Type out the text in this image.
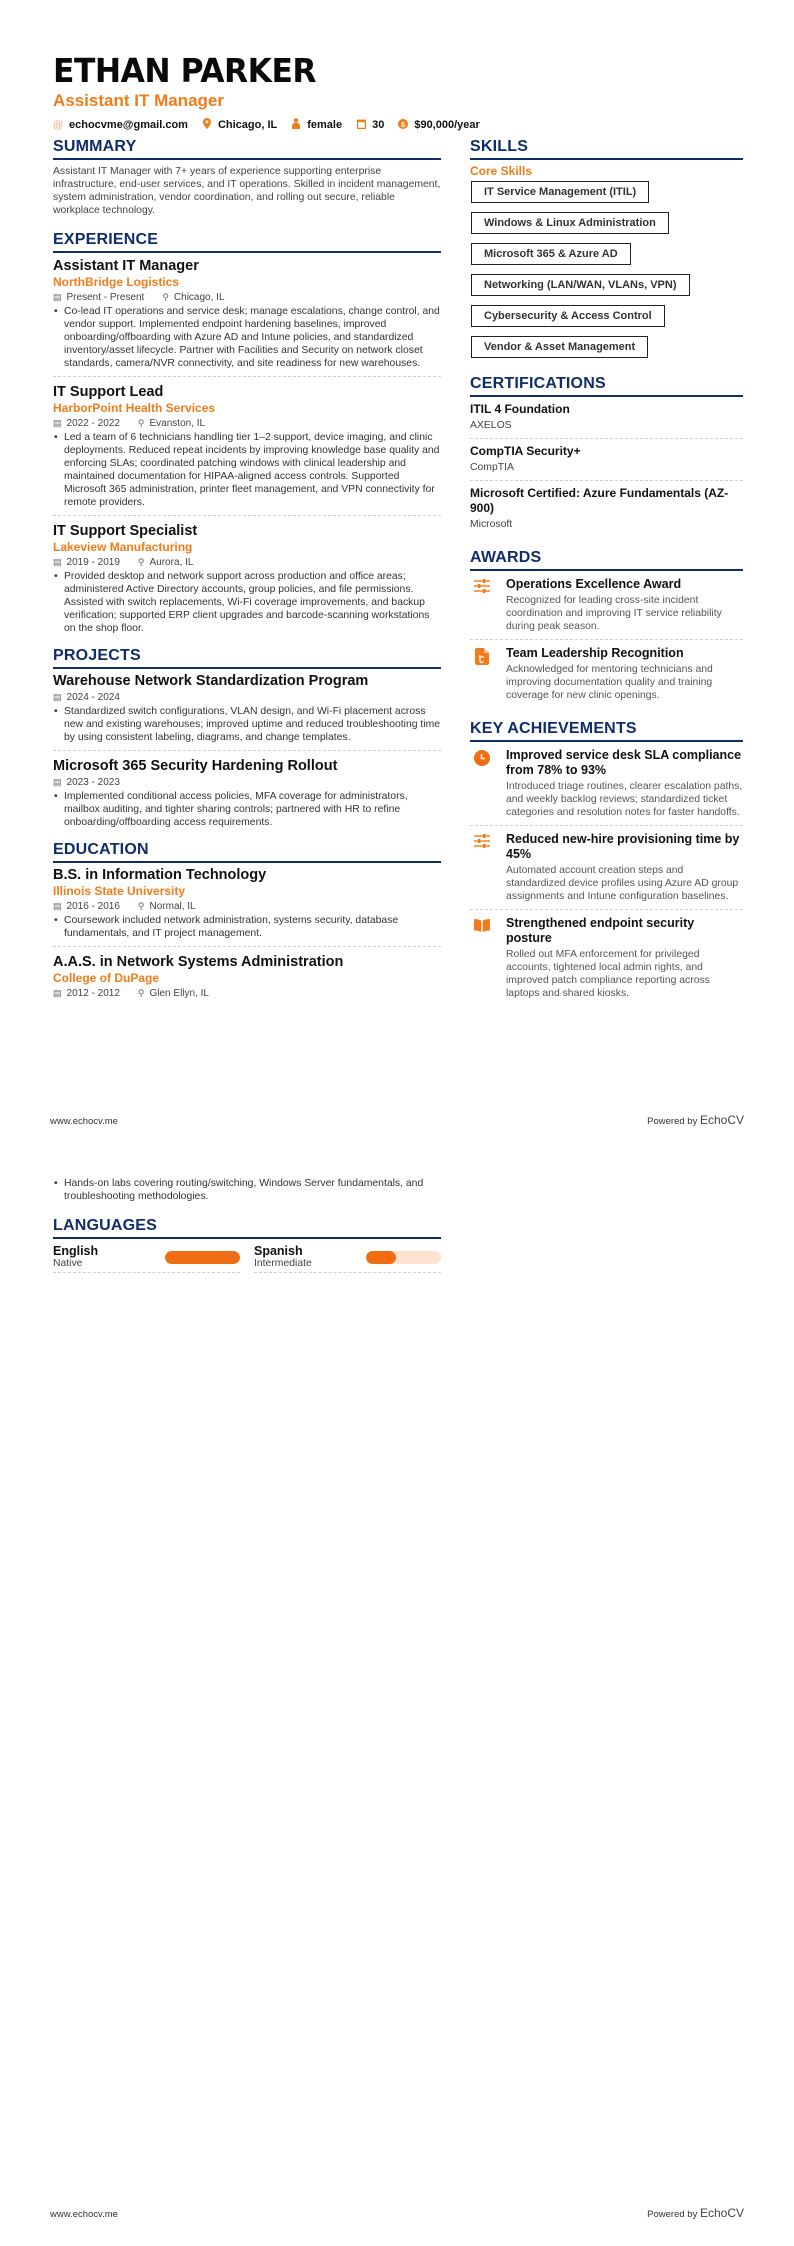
ETHAN PARKER
Assistant IT Manager
@ echocvme@gmail.com	Chicago, IL	female	30 $ $90,000/year
SUMMARY
Assistant IT Manager with 7+ years of experience supporting enterprise infrastructure, end-user services, and IT operations. Skilled in incident management, system administration, vendor coordination, and rolling out secure, reliable workplace technology.
EXPERIENCE
Assistant IT Manager
NorthBridge Logistics
▤ Present - Present ⚲ Chicago, IL
• Co-lead IT operations and service desk; manage escalations, change control, and vendor support. Implemented endpoint hardening baselines, improved onboarding/offboarding with Azure AD and Intune policies, and standardized inventory/asset lifecycle. Partner with Facilities and Security on network closet standards, camera/NVR connectivity, and site readiness for new warehouses.
IT Support Lead
HarborPoint Health Services
▤ 2022 - 2022 ⚲ Evanston, IL
• Led a team of 6 technicians handling tier 1–2 support, device imaging, and clinic deployments. Reduced repeat incidents by improving knowledge base quality and enforcing SLAs; coordinated patching windows with clinical leadership and maintained documentation for HIPAA-aligned access controls. Supported Microsoft 365 administration, printer fleet management, and VPN connectivity for remote providers.
IT Support Specialist
Lakeview Manufacturing
▤ 2019 - 2019 ⚲ Aurora, IL
• Provided desktop and network support across production and office areas; administered Active Directory accounts, group policies, and file permissions. Assisted with switch replacements, Wi-Fi coverage improvements, and backup verification; supported ERP client upgrades and barcode-scanning workstations on the shop floor.
PROJECTS
Warehouse Network Standardization Program
▤ 2024 - 2024
• Standardized switch configurations, VLAN design, and Wi-Fi placement across new and existing warehouses; improved uptime and reduced troubleshooting time by using consistent labeling, diagrams, and change templates.
Microsoft 365 Security Hardening Rollout
▤ 2023 - 2023
• Implemented conditional access policies, MFA coverage for administrators, mailbox auditing, and tighter sharing controls; partnered with HR to refine onboarding/offboarding access requirements.
EDUCATION
B.S. in Information Technology
Illinois State University
▤ 2016 - 2016 ⚲ Normal, IL
• Coursework included network administration, systems security, database fundamentals, and IT project management.
A.A.S. in Network Systems Administration
College of DuPage
▤ 2012 - 2012 ⚲ Glen Ellyn, IL
SKILLS
Core Skills
IT Service Management (ITIL)
Windows & Linux Administration
Microsoft 365 & Azure AD
Networking (LAN/WAN, VLANs, VPN)
Cybersecurity & Access Control
Vendor & Asset Management
CERTIFICATIONS
ITIL 4 Foundation
AXELOS
CompTIA Security+
CompTIA
Microsoft Certified: Azure Fundamentals (AZ-900)
Microsoft
AWARDS
Operations Excellence Award
Recognized for leading cross-site incident coordination and improving IT service reliability during peak season.
Team Leadership Recognition
Acknowledged for mentoring technicians and improving documentation quality and training coverage for new clinic openings.
KEY ACHIEVEMENTS
Improved service desk SLA compliance from 78% to 93%
Introduced triage routines, clearer escalation paths, and weekly backlog reviews; standardized ticket categories and resolution notes for faster handoffs.
Reduced new-hire provisioning time by 45%
Automated account creation steps and standardized device profiles using Azure AD group assignments and Intune configuration baselines.
Strengthened endpoint security posture
Rolled out MFA enforcement for privileged accounts, tightened local admin rights, and improved patch compliance reporting across laptops and shared kiosks.
www.echocv.me	Powered by EchoCV
• Hands-on labs covering routing/switching, Windows Server fundamentals, and troubleshooting methodologies.
LANGUAGES
English
Native
Spanish
Intermediate
www.echocv.me	Powered by EchoCV
